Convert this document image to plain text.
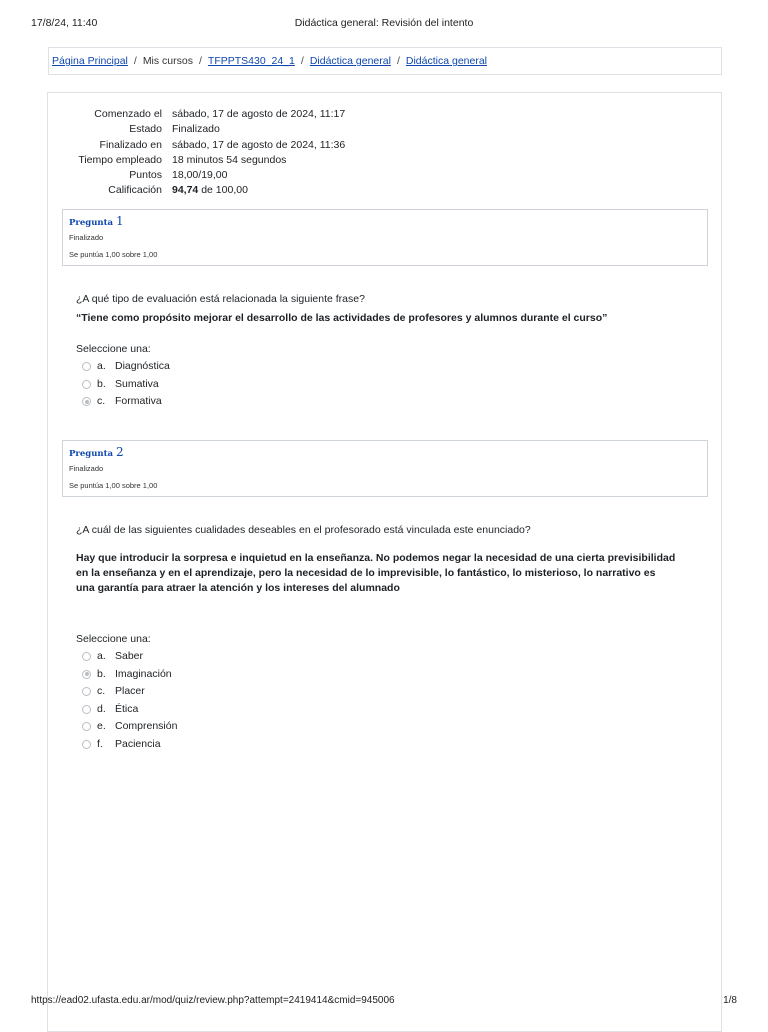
17/8/24, 11:40	Didáctica general: Revisión del intento
Página Principal / Mis cursos / TFPPTS430_24_1 / Didáctica general / Didáctica general
Comenzado el sábado, 17 de agosto de 2024, 11:17
Estado Finalizado
Finalizado en sábado, 17 de agosto de 2024, 11:36
Tiempo empleado 18 minutos 54 segundos
Puntos 18,00/19,00
Calificación 94,74 de 100,00
Pregunta 1
Finalizado
Se puntúa 1,00 sobre 1,00
¿A qué tipo de evaluación está relacionada la siguiente frase?
“Tiene como propósito mejorar el desarrollo de las actividades de profesores y alumnos durante el curso”
Seleccione una:
a. Diagnóstica
b. Sumativa
c. Formativa
Pregunta 2
Finalizado
Se puntúa 1,00 sobre 1,00
¿A cuál de las siguientes cualidades deseables en el profesorado está vinculada este enunciado?
Hay que introducir la sorpresa e inquietud en la enseñanza. No podemos negar la necesidad de una cierta previsibilidad en la enseñanza y en el aprendizaje, pero la necesidad de lo imprevisible, lo fantástico, lo misterioso, lo narrativo es una garantía para atraer la atención y los intereses del alumnado
Seleccione una:
a. Saber
b. Imaginación
c. Placer
d. Ética
e. Comprensión
f. Paciencia
https://ead02.ufasta.edu.ar/mod/quiz/review.php?attempt=2419414&cmid=945006	1/8
